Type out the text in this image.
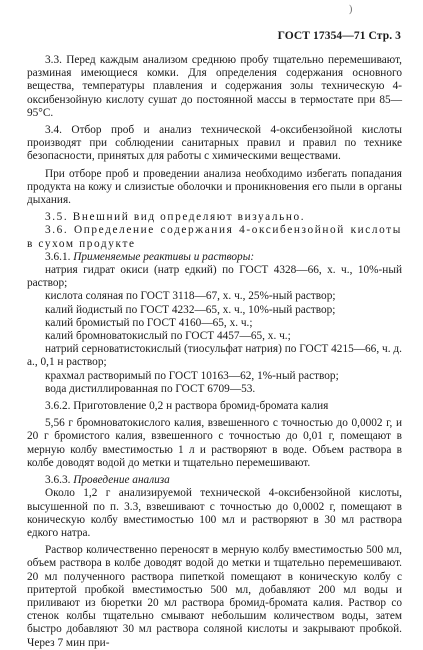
)
ГОСТ 17354—71 Стр. 3

3.3. Перед каждым анализом среднюю пробу тщательно перемешивают, разминая имеющиеся комки. Для определения содержания основного вещества, температуры плавления и содержания золы техническую 4-оксибензойную кислоту сушат до постоянной массы в термостате при 85—95°С.

3.4. Отбор проб и анализ технической 4-оксибензойной кислоты производят при соблюдении санитарных правил и правил по технике безопасности, принятых для работы с химическими веществами.

При отборе проб и проведении анализа необходимо избегать попадания продукта на кожу и слизистые оболочки и проникновения его пыли в органы дыхания.

3.5. Внешний вид определяют визуально.

3.6. Определение содержания 4-оксибензойной кислоты в сухом продукте

3.6.1. Применяемые реактивы и растворы:

натрия гидрат окиси (натр едкий) по ГОСТ 4328—66, х. ч., 10%-ный раствор;

кислота соляная по ГОСТ 3118—67, х. ч., 25%-ный раствор;

калий йодистый по ГОСТ 4232—65, х. ч., 10%-ный раствор;

калий бромистый по ГОСТ 4160—65, х. ч.;

калий бромноватокислый по ГОСТ 4457—65, х. ч.;

натрий серноватистокислый (тиосульфат натрия) по ГОСТ 4215—66, ч. д. а., 0,1 н раствор;

крахмал растворимый по ГОСТ 10163—62, 1%-ный раствор;

вода дистиллированная по ГОСТ 6709—53.

3.6.2. Приготовление 0,2 н раствора бромид-бромата калия

5,56 г бромноватокислого калия, взвешенного с точностью до 0,0002 г, и 20 г бромистого калия, взвешенного с точностью до 0,01 г, помещают в мерную колбу вместимостью 1 л и растворяют в воде. Объем раствора в колбе доводят водой до метки и тщательно перемешивают.

3.6.3. Проведение анализа

Около 1,2 г анализируемой технической 4-оксибензойной кислоты, высушенной по п. 3.3, взвешивают с точностью до 0,0002 г, помещают в коническую колбу вместимостью 100 мл и растворяют в 30 мл раствора едкого натра.

Раствор количественно переносят в мерную колбу вместимостью 500 мл, объем раствора в колбе доводят водой до метки и тщательно перемешивают. 20 мл полученного раствора пипеткой помещают в коническую колбу с притертой пробкой вместимостью 500 мл, добавляют 200 мл воды и приливают из бюретки 20 мл раствора бромид-бромата калия. Раствор со стенок колбы тщательно смывают небольшим количеством воды, затем быстро добавляют 30 мл раствора соляной кислоты и закрывают пробкой. Через 7 мин при-
